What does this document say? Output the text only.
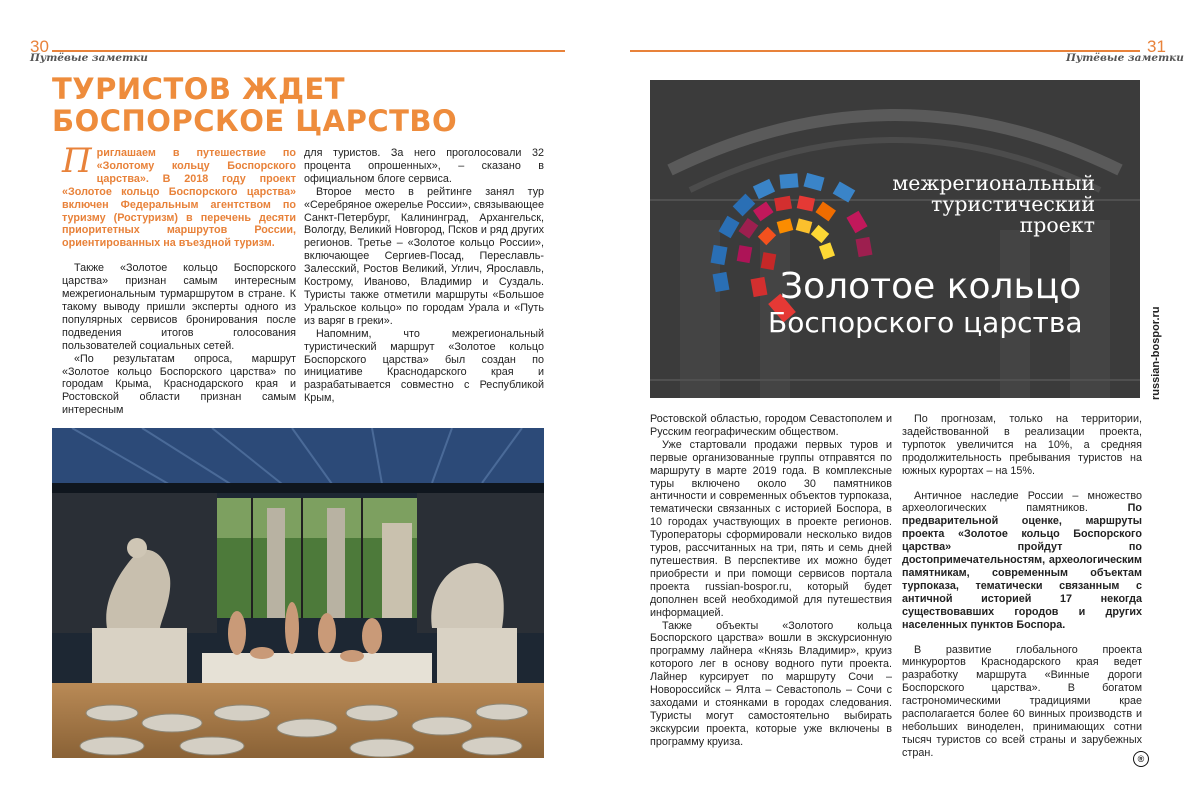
30
Путёвые заметки
31
Путёвые заметки
ТУРИСТОВ ЖДЕТ
БОСПОРСКОЕ ЦАРСТВО

Приглашаем в путешествие по «Золотому кольцу Боспорского царства». В 2018 году проект «Золотое кольцо Боспорского царства» включен Федеральным агентством по туризму (Ростуризм) в перечень десяти приоритетных маршрутов России, ориентированных на въездной туризм.

Также «Золотое кольцо Боспорского царства» признан самым интересным межрегиональным турмаршрутом в стране. К такому выводу пришли эксперты одного из популярных сервисов бронирования после подведения итогов голосования пользователей социальных сетей.

«По результатам опроса, маршрут «Золотое кольцо Боспорского царства» по городам Крыма, Краснодарского края и Ростовской области признан самым интересным

для туристов. За него проголосовали 32 процента опрошенных», – сказано в официальном блоге сервиса.

Второе место в рейтинге занял тур «Серебряное ожерелье России», связывающее Санкт-Петербург, Калининград, Архангельск, Вологду, Великий Новгород, Псков и ряд других регионов. Третье – «Золотое кольцо России», включающее Сергиев-Посад, Переславль-Залесский, Ростов Великий, Углич, Ярославль, Кострому, Иваново, Владимир и Суздаль. Туристы также отметили маршруты «Большое Уральское кольцо» по городам Урала и «Путь из варяг в греки».

Напомним, что межрегиональный туристический маршрут «Золотое кольцо Боспорского царства» был создан по инициативе Краснодарского края и разрабатывается совместно с Республикой Крым,

межрегиональный
туристический
проект
Золотое кольцо
Боспорского царства	russian-bospor.ru

Ростовской областью, городом Севастополем и Русским географическим обществом.

Уже стартовали продажи первых туров и первые организованные группы отправятся по маршруту в марте 2019 года. В комплексные туры включено около 30 памятников античности и современных объектов турпоказа, тематически связанных с историей Боспора, в 10 городах участвующих в проекте регионов. Туроператоры сформировали несколько видов туров, рассчитанных на три, пять и семь дней путешествия. В перспективе их можно будет приобрести и при помощи сервисов портала проекта russian-bospor.ru, который будет дополнен всей необходимой для путешествия информацией.

Также объекты «Золотого кольца Боспорского царства» вошли в экскурсионную программу лайнера «Князь Владимир», круиз которого лег в основу водного пути проекта. Лайнер курсирует по маршруту Сочи – Новороссийск – Ялта – Севастополь – Сочи с заходами и стоянками в городах следования. Туристы могут самостоятельно выбирать экскурсии проекта, которые уже включены в программу круиза.

По прогнозам, только на территории, задействованной в реализации проекта, турпоток увеличится на 10%, а средняя продолжительность пребывания туристов на южных курортах – на 15%.

Античное наследие России – множество археологических памятников. По предварительной оценке, маршруты проекта «Золотое кольцо Боспорского царства» пройдут по достопримечательностям, археологическим памятникам, современным объектам турпоказа, тематически связанным с античной историей 17 некогда существовавших городов и других населенных пунктов Боспора.

В развитие глобального проекта минкурортов Краснодарского края ведет разработку маршрута «Винные дороги Боспорского царства». В богатом гастрономическими традициями крае располагается более 60 винных производств и небольших виноделен, принимающих сотни тысяч туристов со всей страны и зарубежных стран.

®
